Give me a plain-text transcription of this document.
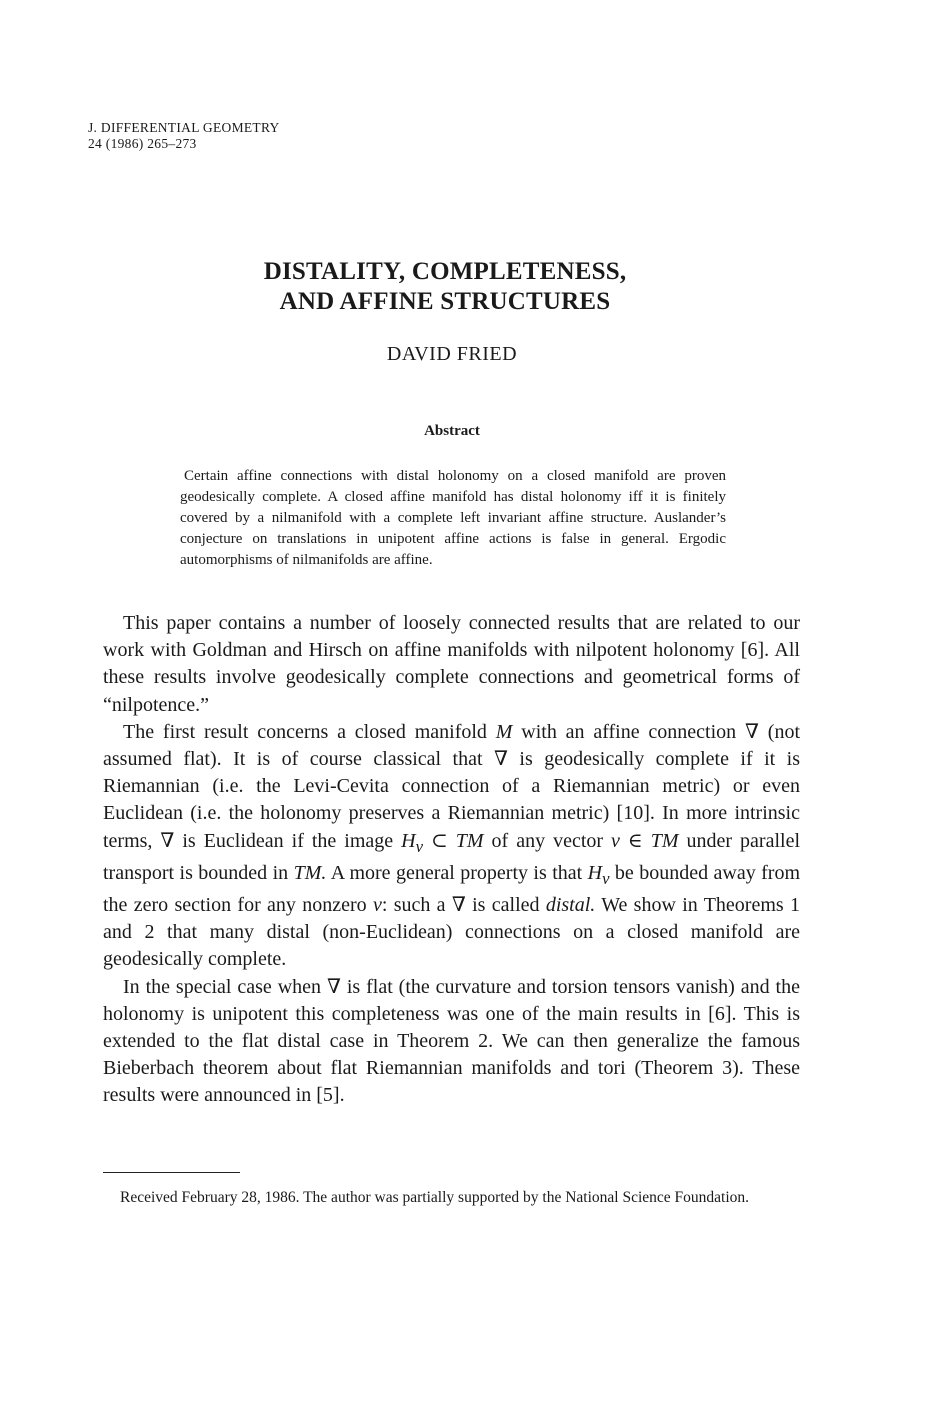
J. DIFFERENTIAL GEOMETRY
24 (1986) 265–273
DISTALITY, COMPLETENESS,
AND AFFINE STRUCTURES
DAVID FRIED
Abstract
Certain affine connections with distal holonomy on a closed manifold are proven geodesically complete. A closed affine manifold has distal holonomy iff it is finitely covered by a nilmanifold with a complete left invariant affine structure. Auslander’s conjecture on translations in unipotent affine actions is false in general. Ergodic automorphisms of nilmanifolds are affine.

This paper contains a number of loosely connected results that are related to our work with Goldman and Hirsch on affine manifolds with nilpotent holonomy [6]. All these results involve geodesically complete connections and geometrical forms of “nilpotence.”

The first result concerns a closed manifold M with an affine connection ∇ (not assumed flat). It is of course classical that ∇ is geodesically complete if it is Riemannian (i.e. the Levi-Cevita connection of a Riemannian metric) or even Euclidean (i.e. the holonomy preserves a Riemannian metric) [10]. In more intrinsic terms, ∇ is Euclidean if the image $H_v$ ⊂ TM of any vector v ∈ TM under parallel transport is bounded in TM. A more general property is that $H_v$ be bounded away from the zero section for any nonzero v: such a ∇ is called distal. We show in Theorems 1 and 2 that many distal (non-Euclidean) connections on a closed manifold are geodesically complete.

In the special case when ∇ is flat (the curvature and torsion tensors vanish) and the holonomy is unipotent this completeness was one of the main results in [6]. This is extended to the flat distal case in Theorem 2. We can then generalize the famous Bieberbach theorem about flat Riemannian manifolds and tori (Theorem 3). These results were announced in [5].

Received February 28, 1986. The author was partially supported by the National Science Foundation.
